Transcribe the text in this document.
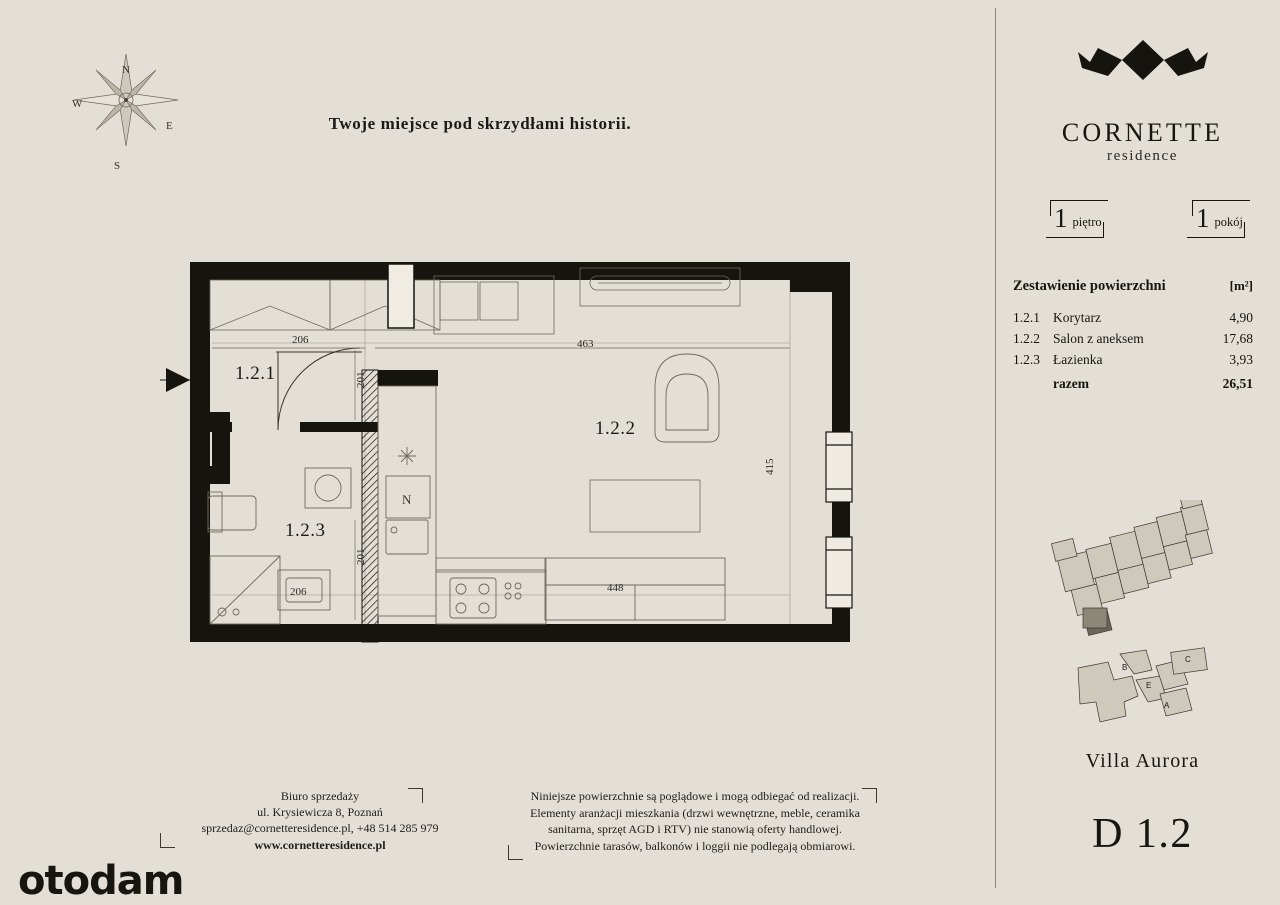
N
S
E
W
Twoje miejsce pod skrzydłami historii.
N
1.2.1
1.2.3
1.2.2
206	463
201
201
206	448
415
Biuro sprzedaży
ul. Krysiewicza 8, Poznań
sprzedaz@cornetteresidence.pl, +48 514 285 979
www.cornetteresidence.pl
Niniejsze powierzchnie są poglądowe i mogą odbiegać od realizacji.
Elementy aranżacji mieszkania (drzwi wewnętrzne, meble, ceramika
sanitarna, sprzęt AGD i RTV) nie stanowią oferty handlowej.
Powierzchnie tarasów, balkonów i loggii nie podlegają obmiarowi.
otodam
CORNETTE
residence
1 piętro	1 pokój
Zestawienie powierzchni	[m²]
1.2.1 Korytarz	4,90
1.2.2 Salon z aneksem	17,68
1.2.3 Łazienka	3,93
razem	26,51
B
C
E
A
Villa Aurora
D 1.2
